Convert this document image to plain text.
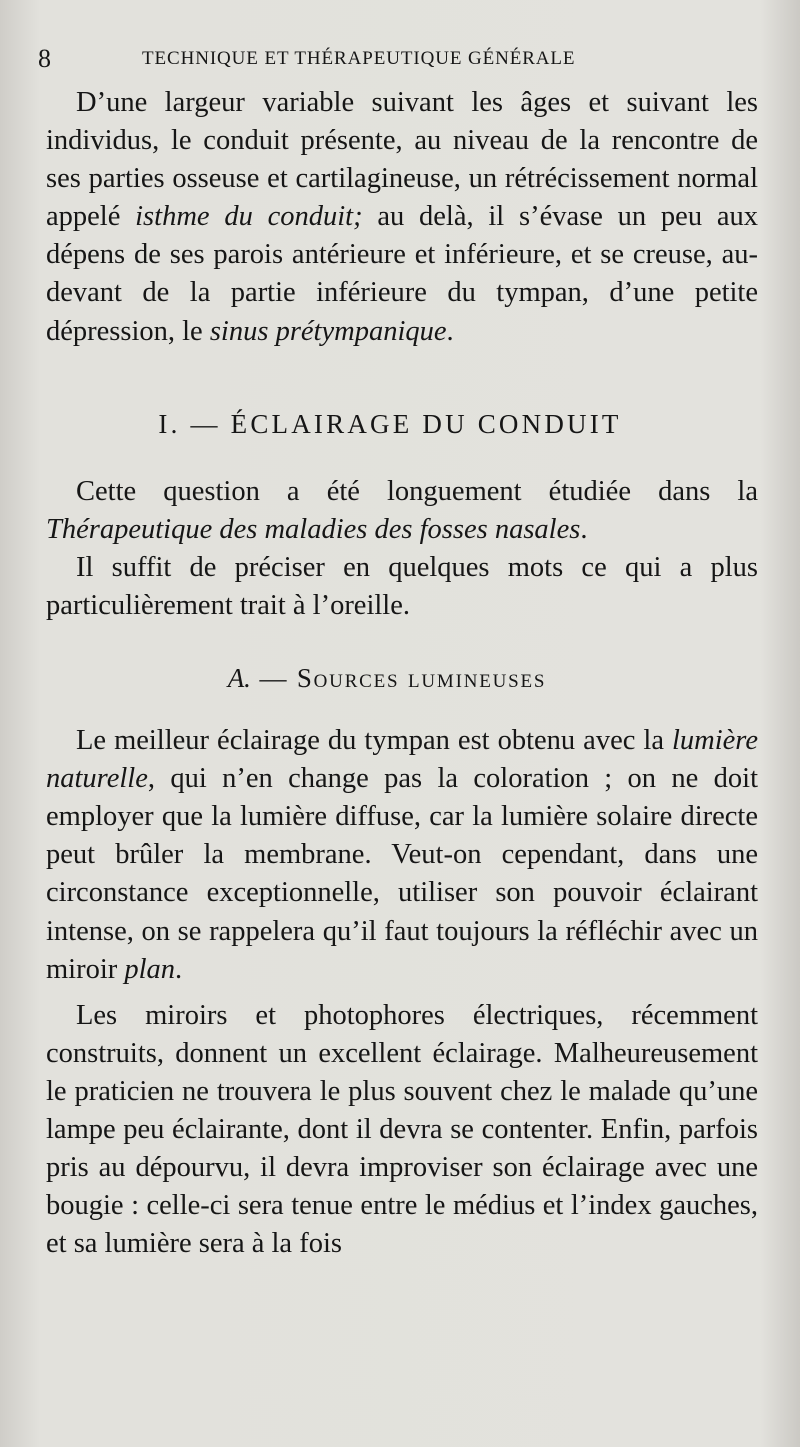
8	TECHNIQUE ET THÉRAPEUTIQUE GÉNÉRALE

D’une largeur variable suivant les âges et suivant les individus, le conduit présente, au niveau de la rencontre de ses parties osseuse et cartilagineuse, un rétrécissement normal appelé isthme du conduit; au delà, il s’évase un peu aux dépens de ses parois antérieure et inférieure, et se creuse, au-devant de la partie inférieure du tympan, d’une petite dépression, le sinus prétympanique.

I. — ÉCLAIRAGE DU CONDUIT

Cette question a été longuement étudiée dans la Thérapeutique des maladies des fosses nasales.

Il suffit de préciser en quelques mots ce qui a plus particulièrement trait à l’oreille.

A. — Sources lumineuses

Le meilleur éclairage du tympan est obtenu avec la lumière naturelle, qui n’en change pas la coloration ; on ne doit employer que la lumière diffuse, car la lumière solaire directe peut brûler la membrane. Veut-on cependant, dans une circonstance exceptionnelle, utiliser son pouvoir éclairant intense, on se rappelera qu’il faut toujours la réfléchir avec un miroir plan.

Les miroirs et photophores électriques, récemment construits, donnent un excellent éclairage. Malheureusement le praticien ne trouvera le plus souvent chez le malade qu’une lampe peu éclairante, dont il devra se contenter. Enfin, parfois pris au dépourvu, il devra improviser son éclairage avec une bougie : celle-ci sera tenue entre le médius et l’index gauches, et sa lumière sera à la fois
